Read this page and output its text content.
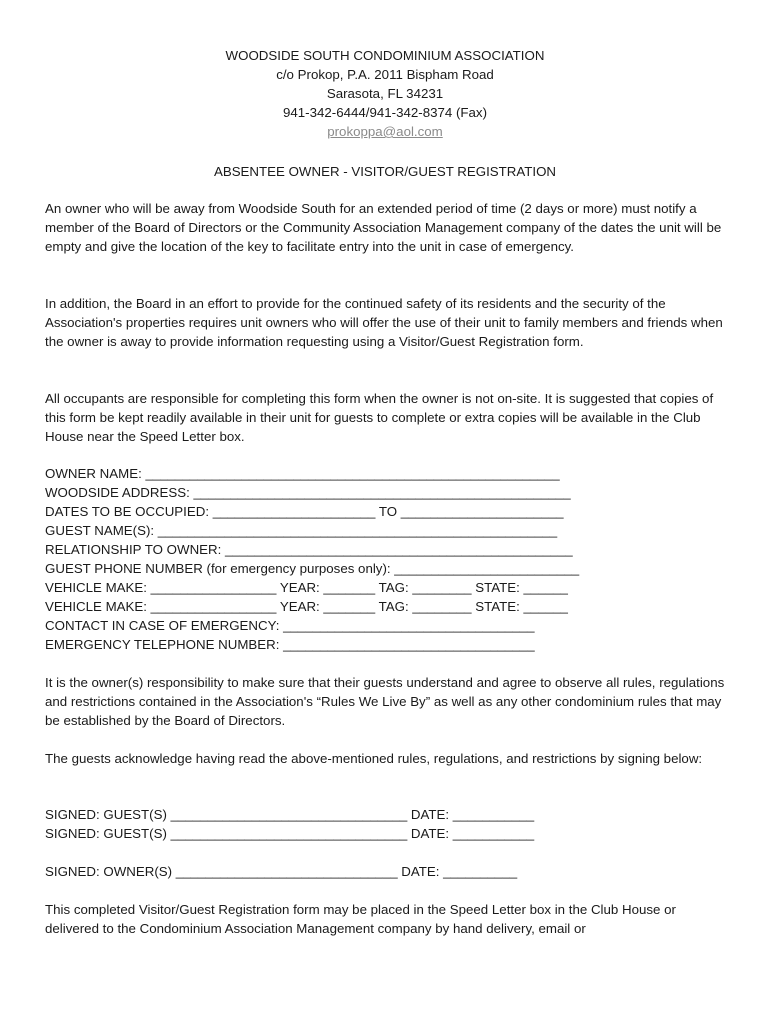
WOODSIDE SOUTH CONDOMINIUM ASSOCIATION
c/o Prokop, P.A. 2011 Bispham Road
Sarasota, FL 34231
941-342-6444/941-342-8374 (Fax)
prokoppa@aol.com
ABSENTEE OWNER - VISITOR/GUEST REGISTRATION

An owner who will be away from Woodside South for an extended period of time (2 days or more) must notify a member of the Board of Directors or the Community Association Management company of the dates the unit will be empty and give the location of the key to facilitate entry into the unit in case of emergency.

In addition, the Board in an effort to provide for the continued safety of its residents and the security of the Association's properties requires unit owners who will offer the use of their unit to family members and friends when the owner is away to provide information requesting using a Visitor/Guest Registration form.

All occupants are responsible for completing this form when the owner is not on-site. It is suggested that copies of this form be kept readily available in their unit for guests to complete or extra copies will be available in the Club House near the Speed Letter box.

OWNER NAME: ________________________________________________________
WOODSIDE ADDRESS: ___________________________________________________
DATES TO BE OCCUPIED: ______________________ TO ______________________
GUEST NAME(S): ______________________________________________________
RELATIONSHIP TO OWNER: _______________________________________________
GUEST PHONE NUMBER (for emergency purposes only): _________________________
VEHICLE MAKE: _________________ YEAR: _______ TAG: ________ STATE: ______
VEHICLE MAKE: _________________ YEAR: _______ TAG: ________ STATE: ______
CONTACT IN CASE OF EMERGENCY: __________________________________
EMERGENCY TELEPHONE NUMBER: __________________________________

It is the owner(s) responsibility to make sure that their guests understand and agree to observe all rules, regulations and restrictions contained in the Association's “Rules We Live By” as well as any other condominium rules that may be established by the Board of Directors.

The guests acknowledge having read the above-mentioned rules, regulations, and restrictions by signing below:

SIGNED: GUEST(S) ________________________________ DATE: ___________
SIGNED: GUEST(S) ________________________________ DATE: ___________
SIGNED: OWNER(S) ______________________________ DATE: __________

This completed Visitor/Guest Registration form may be placed in the Speed Letter box in the Club House or delivered to the Condominium Association Management company by hand delivery, email or
